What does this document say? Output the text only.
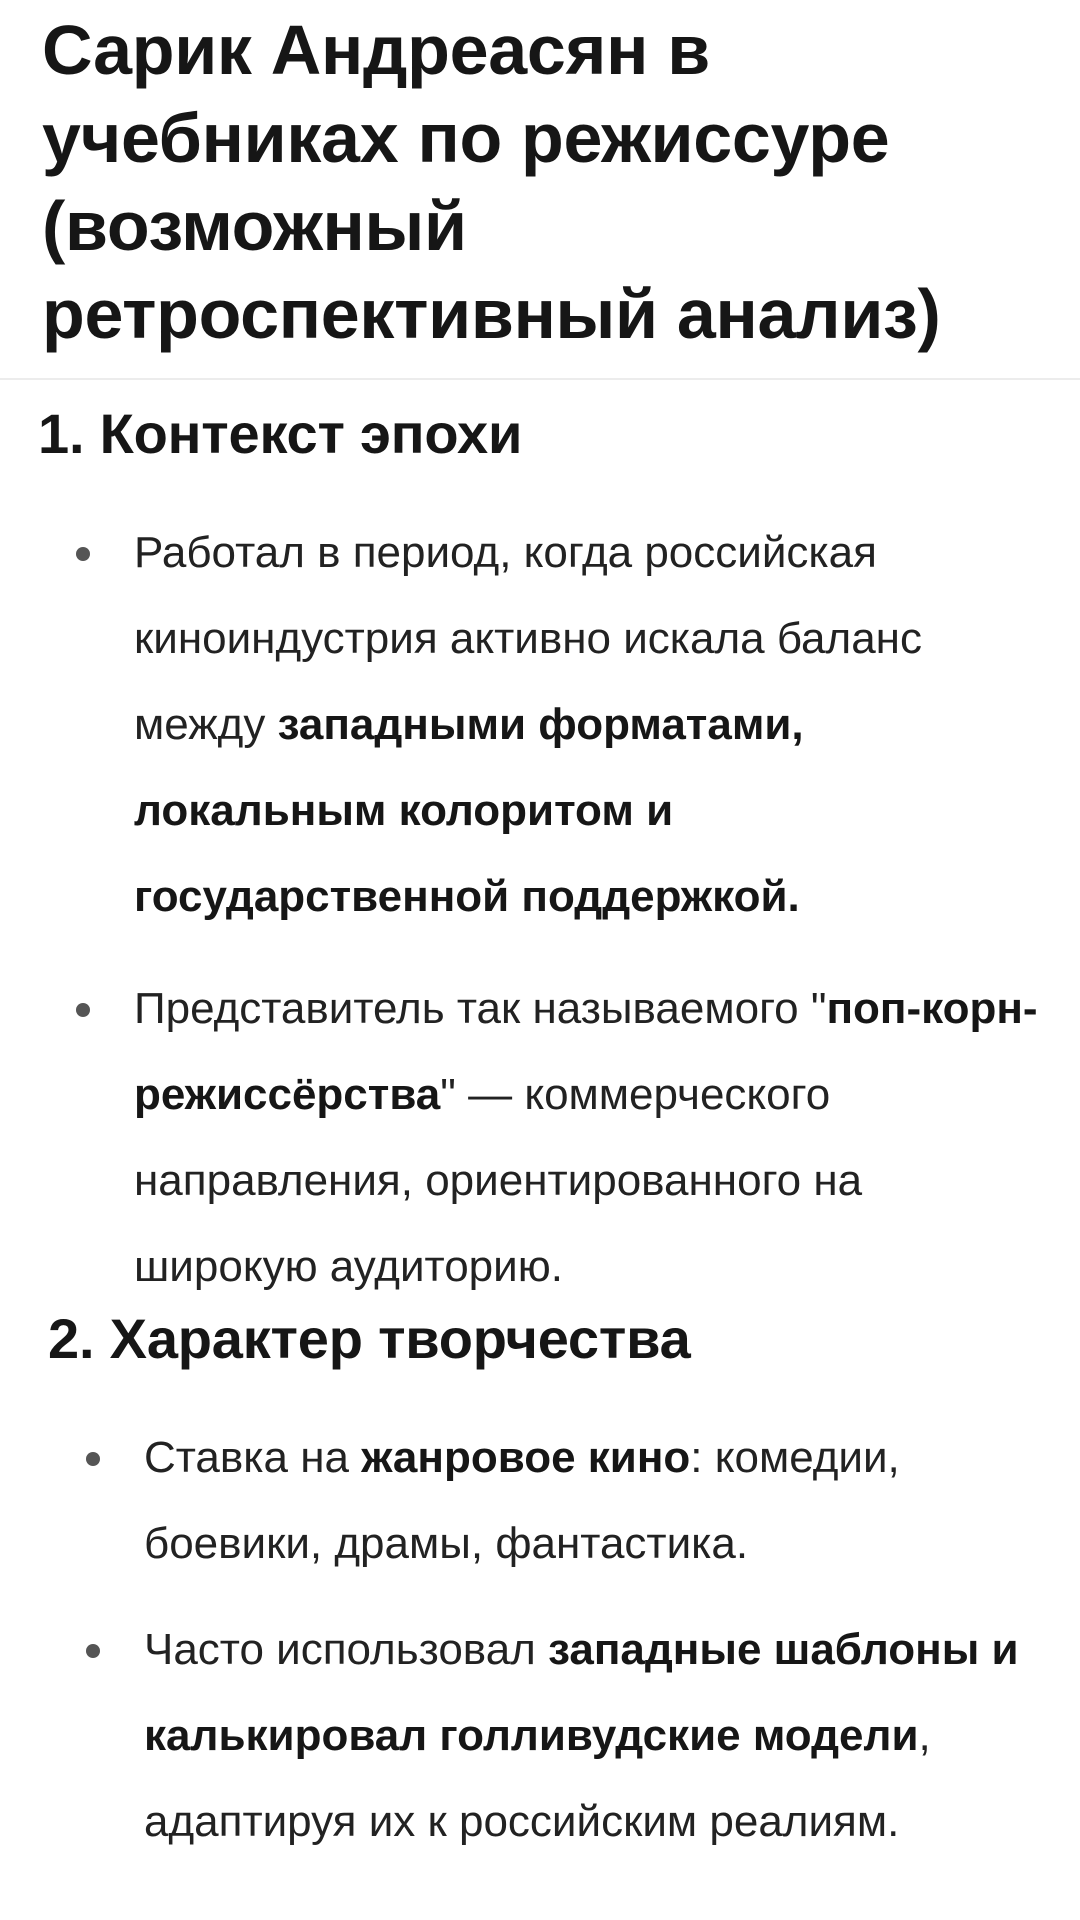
Сарик Андреасян в учебниках по режиссуре (возможный ретроспективный анализ)
1. Контекст эпохи
Работал в период, когда российская киноиндустрия активно искала баланс между западными форматами, локальным колоритом и государственной поддержкой.
Представитель так называемого "поп-корн-режиссёрства" — коммерческого направления, ориентированного на широкую аудиторию.
2. Характер творчества
Ставка на жанровое кино: комедии, боевики, драмы, фантастика.
Часто использовал западные шаблоны и калькировал голливудские модели, адаптируя их к российским реалиям.
